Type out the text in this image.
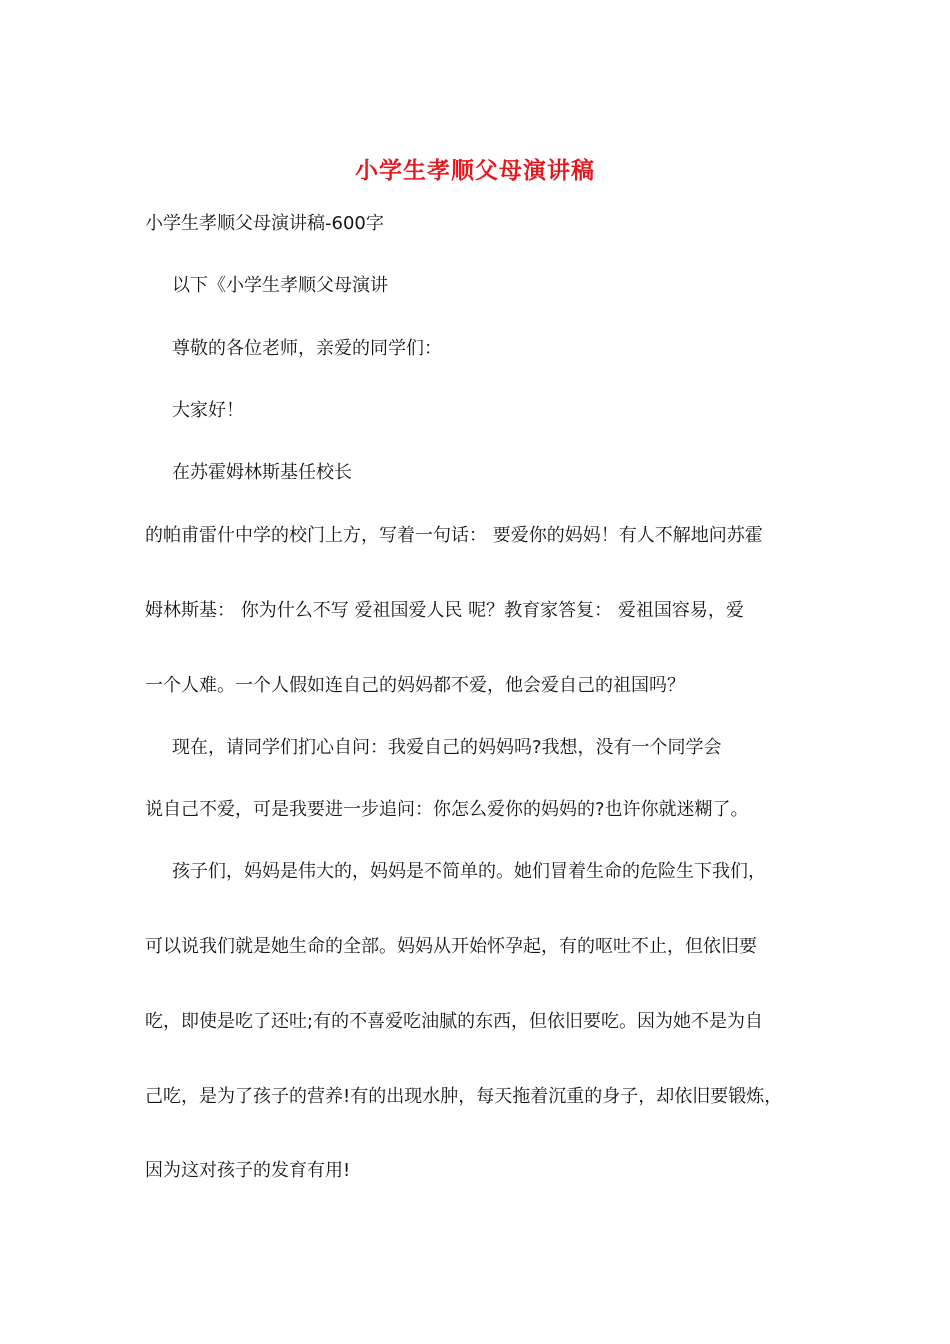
小学生孝顺父母演讲稿
小学生孝顺父母演讲稿-600字
以下《小学生孝顺父母演讲
尊敬的各位老师，亲爱的同学们：
大家好！
在苏霍姆林斯基任校长
的帕甫雷什中学的校门上方，写着一句话： 要爱你的妈妈！有人不解地问苏霍
姆林斯基： 你为什么不写 爱祖国爱人民 呢？教育家答复： 爱祖国容易，爱
一个人难。一个人假如连自己的妈妈都不爱，他会爱自己的祖国吗？
现在，请同学们扪心自问：我爱自己的妈妈吗?我想，没有一个同学会
说自己不爱，可是我要进一步追问：你怎么爱你的妈妈的?也许你就迷糊了。
孩子们，妈妈是伟大的，妈妈是不简单的。她们冒着生命的危险生下我们，
可以说我们就是她生命的全部。妈妈从开始怀孕起，有的呕吐不止，但依旧要
吃，即使是吃了还吐;有的不喜爱吃油腻的东西，但依旧要吃。因为她不是为自
己吃，是为了孩子的营养!有的出现水肿，每天拖着沉重的身子，却依旧要锻炼，
因为这对孩子的发育有用!
